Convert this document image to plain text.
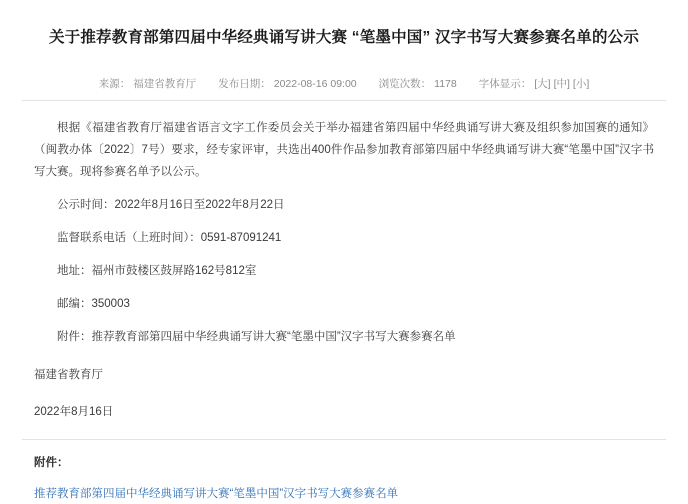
关于推荐教育部第四届中华经典诵写讲大赛 “笔墨中国” 汉字书写大赛参赛名单的公示
来源： 福建省教育厅 发布日期： 2022-08-16 09:00 浏览次数： 1178 字体显示： [大] [中] [小]

根据《福建省教育厅福建省语言文字工作委员会关于举办福建省第四届中华经典诵写讲大赛及组织参加国赛的通知》（闽教办体〔2022〕7号）要求，经专家评审，共选出400件作品参加教育部第四届中华经典诵写讲大赛“笔墨中国”汉字书写大赛。现将参赛名单予以公示。

公示时间：2022年8月16日至2022年8月22日

监督联系电话（上班时间）：0591-87091241

地址：福州市鼓楼区鼓屏路162号812室

邮编：350003

附件：推荐教育部第四届中华经典诵写讲大赛“笔墨中国”汉字书写大赛参赛名单

福建省教育厅

2022年8月16日

附件：

推荐教育部第四届中华经典诵写讲大赛“笔墨中国”汉字书写大赛参赛名单
